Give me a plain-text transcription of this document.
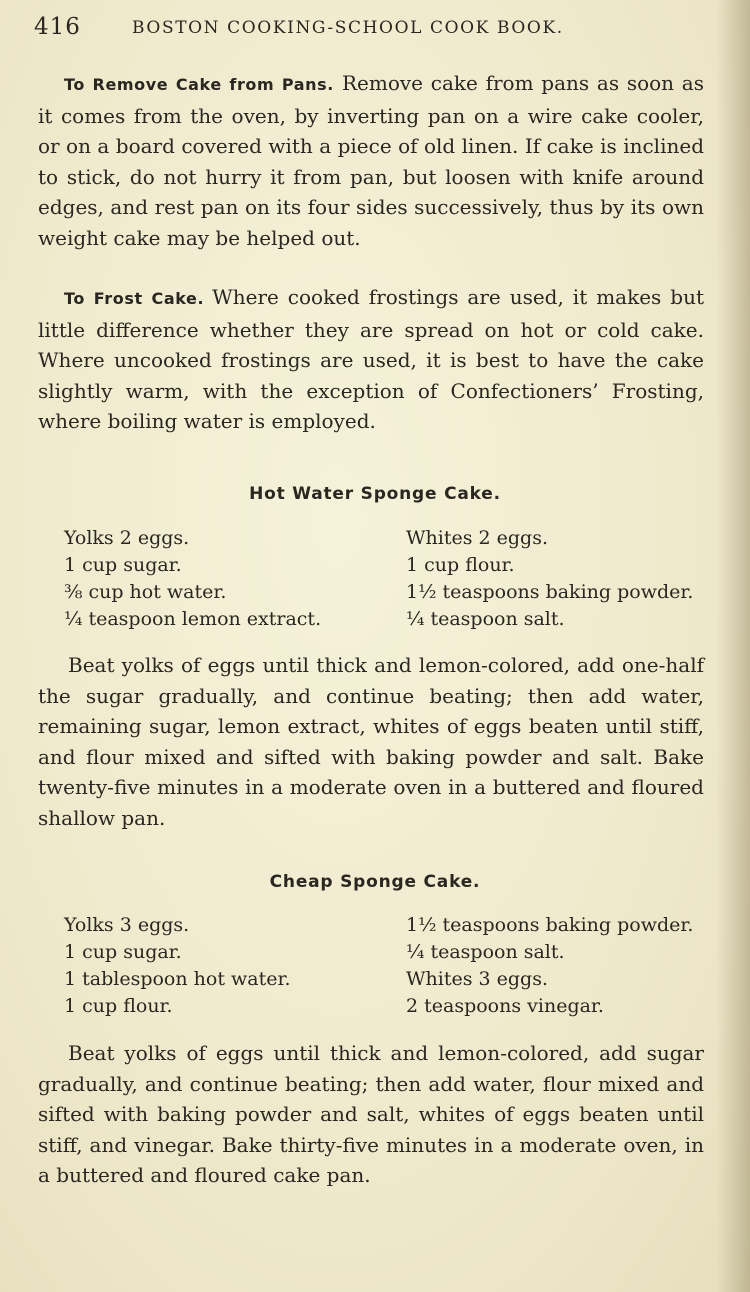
416	BOSTON COOKING-SCHOOL COOK BOOK.

To Remove Cake from Pans. Remove cake from pans as soon as it comes from the oven, by inverting pan on a wire cake cooler, or on a board covered with a piece of old linen. If cake is inclined to stick, do not hurry it from pan, but loosen with knife around edges, and rest pan on its four sides successively, thus by its own weight cake may be helped out.

To Frost Cake. Where cooked frostings are used, it makes but little difference whether they are spread on hot or cold cake. Where uncooked frostings are used, it is best to have the cake slightly warm, with the exception of Confectioners’ Frosting, where boiling water is employed.

Hot Water Sponge Cake.
Yolks 2 eggs.
1 cup sugar.
⅜ cup hot water.
¼ teaspoon lemon extract.
Whites 2 eggs.
1 cup flour.
1½ teaspoons baking powder.
¼ teaspoon salt.

Beat yolks of eggs until thick and lemon-colored, add one-half the sugar gradually, and continue beating; then add water, remaining sugar, lemon extract, whites of eggs beaten until stiff, and flour mixed and sifted with baking powder and salt. Bake twenty-five minutes in a moderate oven in a buttered and floured shallow pan.

Cheap Sponge Cake.
Yolks 3 eggs.
1 cup sugar.
1 tablespoon hot water.
1 cup flour.
1½ teaspoons baking powder.
¼ teaspoon salt.
Whites 3 eggs.
2 teaspoons vinegar.

Beat yolks of eggs until thick and lemon-colored, add sugar gradually, and continue beating; then add water, flour mixed and sifted with baking powder and salt, whites of eggs beaten until stiff, and vinegar. Bake thirty-five minutes in a moderate oven, in a buttered and floured cake pan.
